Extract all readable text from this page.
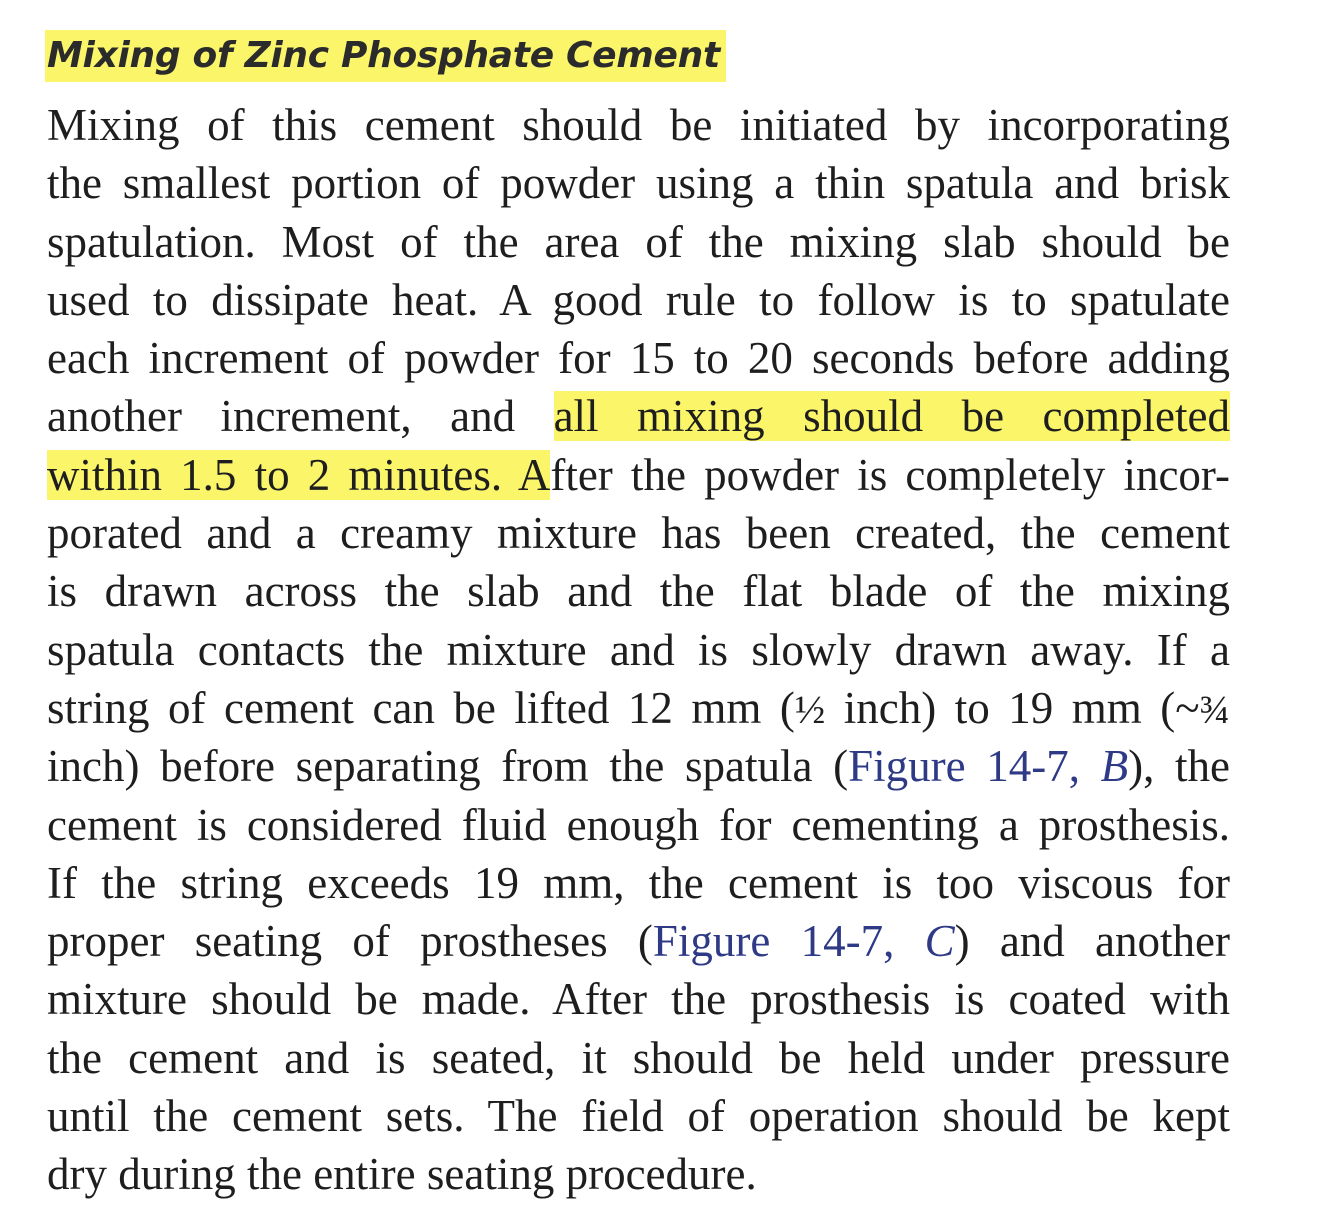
Mixing of Zinc Phosphate Cement
Mixing of this cement should be initiated by incorporating
the smallest portion of powder using a thin spatula and brisk
spatulation. Most of the area of the mixing slab should be
used to dissipate heat. A good rule to follow is to spatulate
each increment of powder for 15 to 20 seconds before adding
another increment, and all mixing should be completed
within 1.5 to 2 minutes. After the powder is completely incor-
porated and a creamy mixture has been created, the cement
is drawn across the slab and the flat blade of the mixing
spatula contacts the mixture and is slowly drawn away. If a
string of cement can be lifted 12 mm (½ inch) to 19 mm (~¾
inch) before separating from the spatula (Figure 14-7, B), the
cement is considered fluid enough for cementing a prosthesis.
If the string exceeds 19 mm, the cement is too viscous for
proper seating of prostheses (Figure 14-7, C) and another
mixture should be made. After the prosthesis is coated with
the cement and is seated, it should be held under pressure
until the cement sets. The field of operation should be kept
dry during the entire seating procedure.
